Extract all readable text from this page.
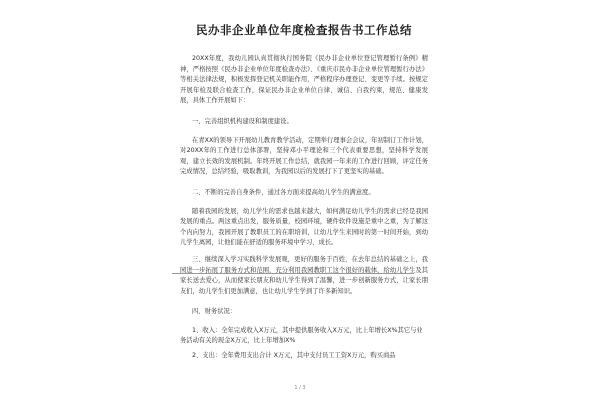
民办非企业单位年度检查报告书工作总结

20XX年度，我幼儿园认真贯彻执行国务院《民办非企业单位登记管理暂行条例》精神，严格按照《民办非企业单位年度检查办法》、《重庆市民办非企业单位管理暂行办法》等相关法律法规，积极发挥登记机关职能作用，严格程序办理登记、变更等手续。按规定开展年检及联合检查工作，保证民办非企业单位自律、诚信、自我约束，规范、健康发展，具体工作开展如下：

一、完善组织机构建设和制度建设。

在青XX的领导下开展幼儿教育教学活动，定期举行理事会会议，年初制订工作计划，对20XX年的工作进行总体部署，坚持邓小平理论和三个代表重要思想，坚持科学发展观，建立长效的发展机制。年终开展工作总结，就我园一年来的工作进行回顾，评定任务完成情况，总结经验，吸取教训，为我园以后的发展打下了更坚实的基础。

二、不断的完善自身条件，通过各方面来提高幼儿学生的满意度。

随着我园的发展，幼儿学生的需求也越来越大，如何满足幼儿学生的需求已经是我园发展的重点。两这重点出发，服务质量，校园环境，硬件软件设施是重中之重，为了解这个内向努力，我园开展了教职员工的在职培训，让幼儿学生来园时的第一时间开始，到幼儿学生离园，让他们能在舒适的服务环境中学习、成长。

三、继续深入学习实践科学发展观，更好的服务于百姓，在去年总结的基础之上，我园进一步拓展了服务方式和范围，充分利用我园教职工这个很好的载体，给幼儿学生及其家长送去爱心，从而使家长朋友和幼儿学生得到了温馨，进一步创新服务方式，让家长朋友们，幼儿学生们更加满意，也让幼儿学生学到了许多新知识。

四、财务状况：

1、收入：全年完成收入X万元，其中提供服务收入X万元，比上年增长X%其它与业务活动有关的现金X万元，比上年增加X%

2、支出：全年费用支出合计 X万元，其中支付员工工资X万元，购买商品

1 / 3
